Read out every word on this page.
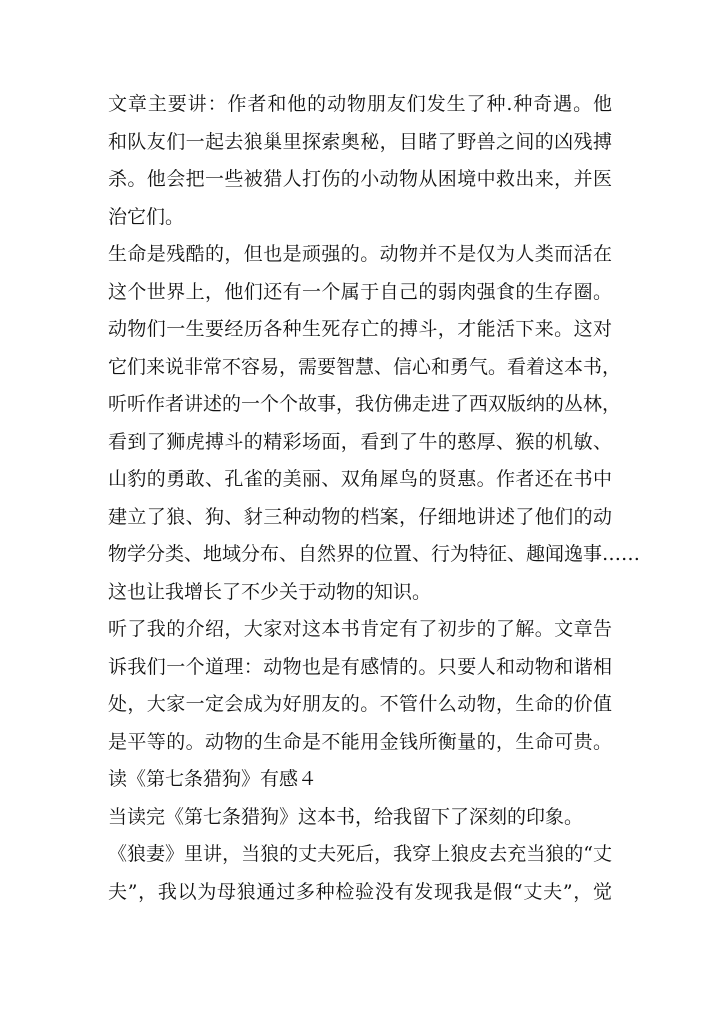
文章主要讲：作者和他的动物朋友们发生了种.种奇遇。他
和队友们一起去狼巢里探索奥秘，目睹了野兽之间的凶残搏
杀。他会把一些被猎人打伤的小动物从困境中救出来，并医
治它们。
生命是残酷的，但也是顽强的。动物并不是仅为人类而活在
这个世界上，他们还有一个属于自己的弱肉强食的生存圈。
动物们一生要经历各种生死存亡的搏斗，才能活下来。这对
它们来说非常不容易，需要智慧、信心和勇气。看着这本书，
听听作者讲述的一个个故事，我仿佛走进了西双版纳的丛林，
看到了狮虎搏斗的精彩场面，看到了牛的憨厚、猴的机敏、
山豹的勇敢、孔雀的美丽、双角犀鸟的贤惠。作者还在书中
建立了狼、狗、豺三种动物的档案，仔细地讲述了他们的动
物学分类、地域分布、自然界的位置、行为特征、趣闻逸事……
这也让我增长了不少关于动物的知识。
听了我的介绍，大家对这本书肯定有了初步的了解。文章告
诉我们一个道理：动物也是有感情的。只要人和动物和谐相
处，大家一定会成为好朋友的。不管什么动物，生命的价值
是平等的。动物的生命是不能用金钱所衡量的，生命可贵。
读《第七条猎狗》有感４
当读完《第七条猎狗》这本书，给我留下了深刻的印象。
《狼妻》里讲，当狼的丈夫死后，我穿上狼皮去充当狼的“丈
夫”，我以为母狼通过多种检验没有发现我是假“丈夫”，觉
